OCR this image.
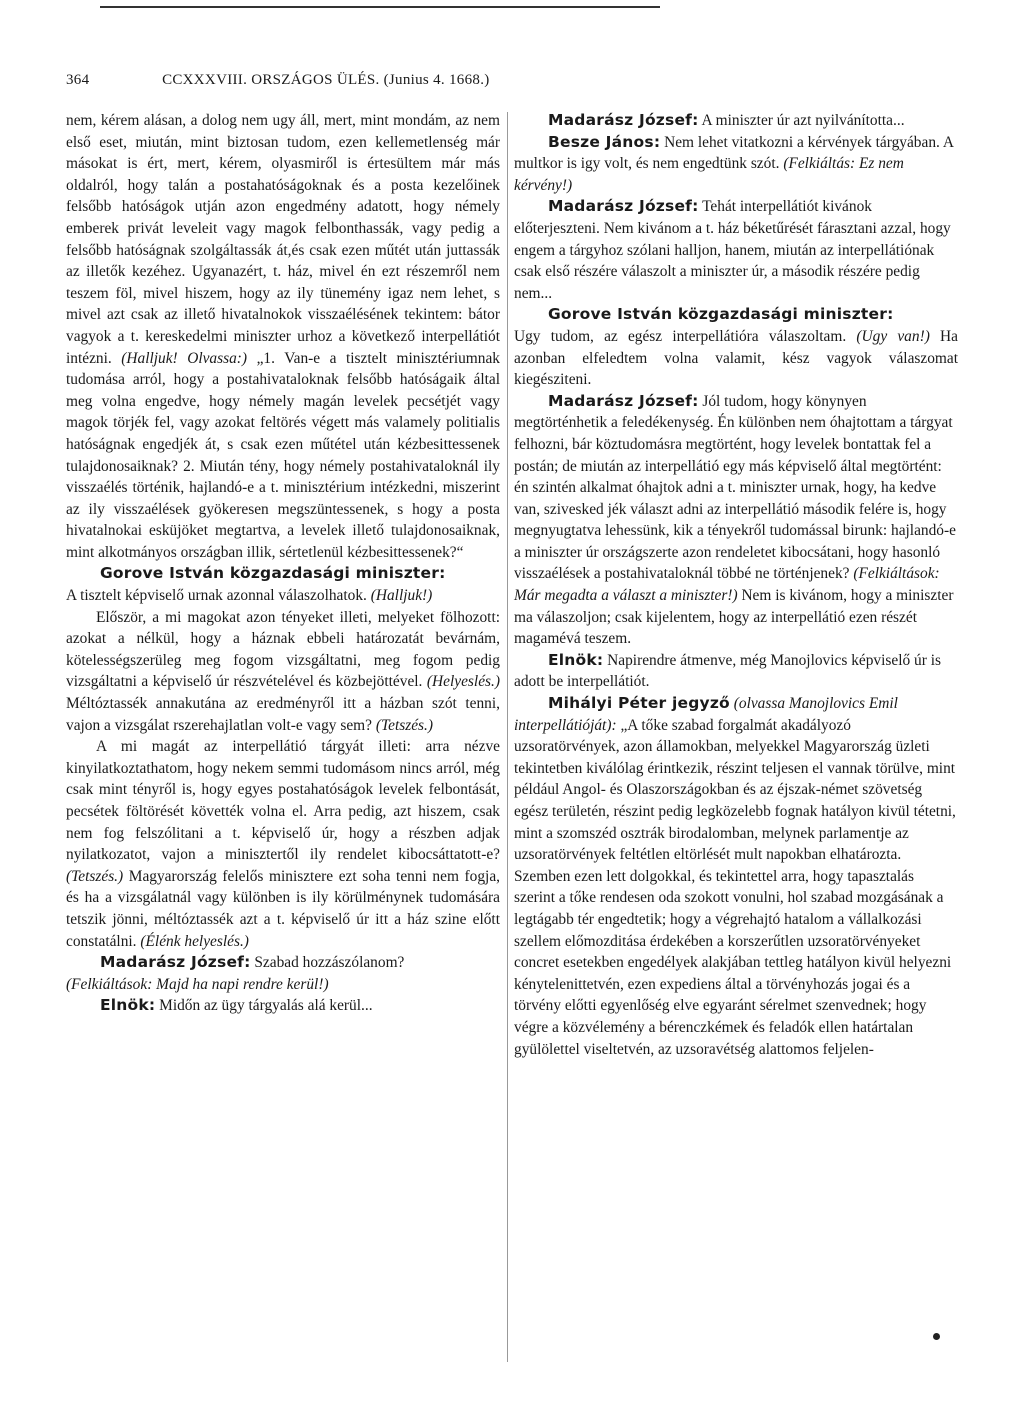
364	CCXXXVIII. ORSZÁGOS ÜLÉS. (Junius 4. 1668.)

nem, kérem alásan, a dolog nem ugy áll, mert, mint mondám, az nem első eset, miután, mint biztosan tudom, ezen kellemetlenség már másokat is ért, mert, kérem, olyasmiről is értesültem már más oldalról, hogy talán a postahatóságoknak és a posta kezelőinek felsőbb hatóságok utján azon engedmény adatott, hogy némely emberek privát leveleit vagy magok felbonthassák, vagy pedig a felsőbb hatóságnak szolgáltassák át,és csak ezen műtét után juttassák az illetők kezéhez. Ugyanazért, t. ház, mivel én ezt részemről nem teszem föl, mivel hiszem, hogy az ily tünemény igaz nem lehet, s mivel azt csak az illető hivatalnokok visszaélésének tekintem: bátor vagyok a t. kereskedelmi miniszter urhoz a következő interpellátiót intézni. (Halljuk! Olvassa:) „1. Van-e a tisztelt minisztériumnak tudomása arról, hogy a postahivataloknak felsőbb hatóságaik által meg volna engedve, hogy némely magán levelek pecsétjét vagy magok törjék fel, vagy azokat feltörés végett más valamely politialis hatóságnak engedjék át, s csak ezen műtétel után kézbesittessenek tulajdonosaiknak? 2. Miután tény, hogy némely postahivataloknál ily visszaélés történik, hajlandó-e a t. minisztérium intézkedni, miszerint az ily visszaélések gyökeresen megszüntessenek, s hogy a posta hivatalnokai esküjöket megtartva, a levelek illető tulajdonosaiknak, mint alkotmányos országban illik, sértetlenül kézbesittessenek?“

Gorove István közgazdasági miniszter:

A tisztelt képviselő urnak azonnal válaszolhatok. (Halljuk!)

Először, a mi magokat azon tényeket illeti, melyeket fölhozott: azokat a nélkül, hogy a háznak ebbeli határozatát bevárnám, kötelességszerüleg meg fogom vizsgáltatni, meg fogom pedig vizsgáltatni a képviselő úr részvételével és közbejöttével. (Helyeslés.) Méltóztassék annakutána az eredményről itt a házban szót tenni, vajon a vizsgálat rszerehajlatlan volt-e vagy sem? (Tetszés.)

A mi magát az interpellátió tárgyát illeti: arra nézve kinyilatkoztathatom, hogy nekem semmi tudomásom nincs arról, még csak mint tényről is, hogy egyes postahatóságok levelek felbontását, pecsétek föltörését követték volna el. Arra pedig, azt hiszem, csak nem fog felszólitani a t. képviselő úr, hogy a részben adjak nyilatkozatot, vajon a minisztertől ily rendelet kibocsáttatott-e? (Tetszés.) Magyarország felelős minisztere ezt soha tenni nem fogja, és ha a vizsgálatnál vagy különben is ily körülménynek tudomására tetszik jönni, méltóztassék azt a t. képviselő úr itt a ház szine előtt constatálni. (Élénk helyeslés.)

Madarász József: Szabad hozzászólanom?

(Felkiáltások: Majd ha napi rendre kerül!)

Elnök: Midőn az ügy tárgyalás alá kerül...

Madarász József: A miniszter úr azt nyilvánította...

Besze János: Nem lehet vitatkozni a kérvények tárgyában. A multkor is igy volt, és nem engedtünk szót. (Felkiáltás: Ez nem kérvény!)

Madarász József: Tehát interpellátiót kivánok előterjeszteni. Nem kivánom a t. ház béketűrését fárasztani azzal, hogy engem a tárgyhoz szólani halljon, hanem, miután az interpellátiónak csak első részére válaszolt a miniszter úr, a második részére pedig nem...

Gorove István közgazdasági miniszter:

Ugy tudom, az egész interpellátióra válaszoltam. (Ugy van!) Ha azonban elfeledtem volna valamit, kész vagyok válaszomat kiegésziteni.

Madarász József: Jól tudom, hogy könynyen megtörténhetik a feledékenység. Én különben nem óhajtottam a tárgyat felhozni, bár köztudomásra megtörtént, hogy levelek bontattak fel a postán; de miután az interpellátió egy más képviselő által megtörtént: én szintén alkalmat óhajtok adni a t. miniszter urnak, hogy, ha kedve van, szivesked jék választ adni az interpellátió második felére is, hogy megnyugtatva lehessünk, kik a tényekről tudomással birunk: hajlandó-e a miniszter úr országszerte azon rendeletet kibocsátani, hogy hasonló visszaélések a postahivataloknál többé ne történjenek? (Felkiáltások: Már megadta a választ a miniszter!) Nem is kivánom, hogy a miniszter ma válaszoljon; csak kijelentem, hogy az interpellátió ezen részét magamévá teszem.

Elnök: Napirendre átmenve, még Manojlovics képviselő úr is adott be interpellátiót.

Mihályi Péter jegyző (olvassa Manojlovics Emil interpellátióját): „A tőke szabad forgalmát akadályozó uzsoratörvények, azon államokban, melyekkel Magyarország üzleti tekintetben kiválólag érintkezik, részint teljesen el vannak törülve, mint például Angol- és Olaszországokban és az éjszak-német szövetség egész területén, részint pedig legközelebb fognak hatályon kivül tétetni, mint a szomszéd osztrák birodalomban, melynek parlamentje az uzsoratörvények feltétlen eltörlését mult napokban elhatározta. Szemben ezen lett dolgokkal, és tekintettel arra, hogy tapasztalás szerint a tőke rendesen oda szokott vonulni, hol szabad mozgásának a legtágabb tér engedtetik; hogy a végrehajtó hatalom a vállalkozási szellem előmozditása érdekében a korszerűtlen uzsoratörvényeket concret esetekben engedélyek alakjában tettleg hatályon kivül helyezni kénytelenittetvén, ezen expediens által a törvényhozás jogai és a törvény előtti egyenlőség elve egyaránt sérelmet szenvednek; hogy végre a közvélemény a bérenczkémek és feladók ellen határtalan gyülölettel viseltetvén, az uzsoravétség alattomos feljelen-
